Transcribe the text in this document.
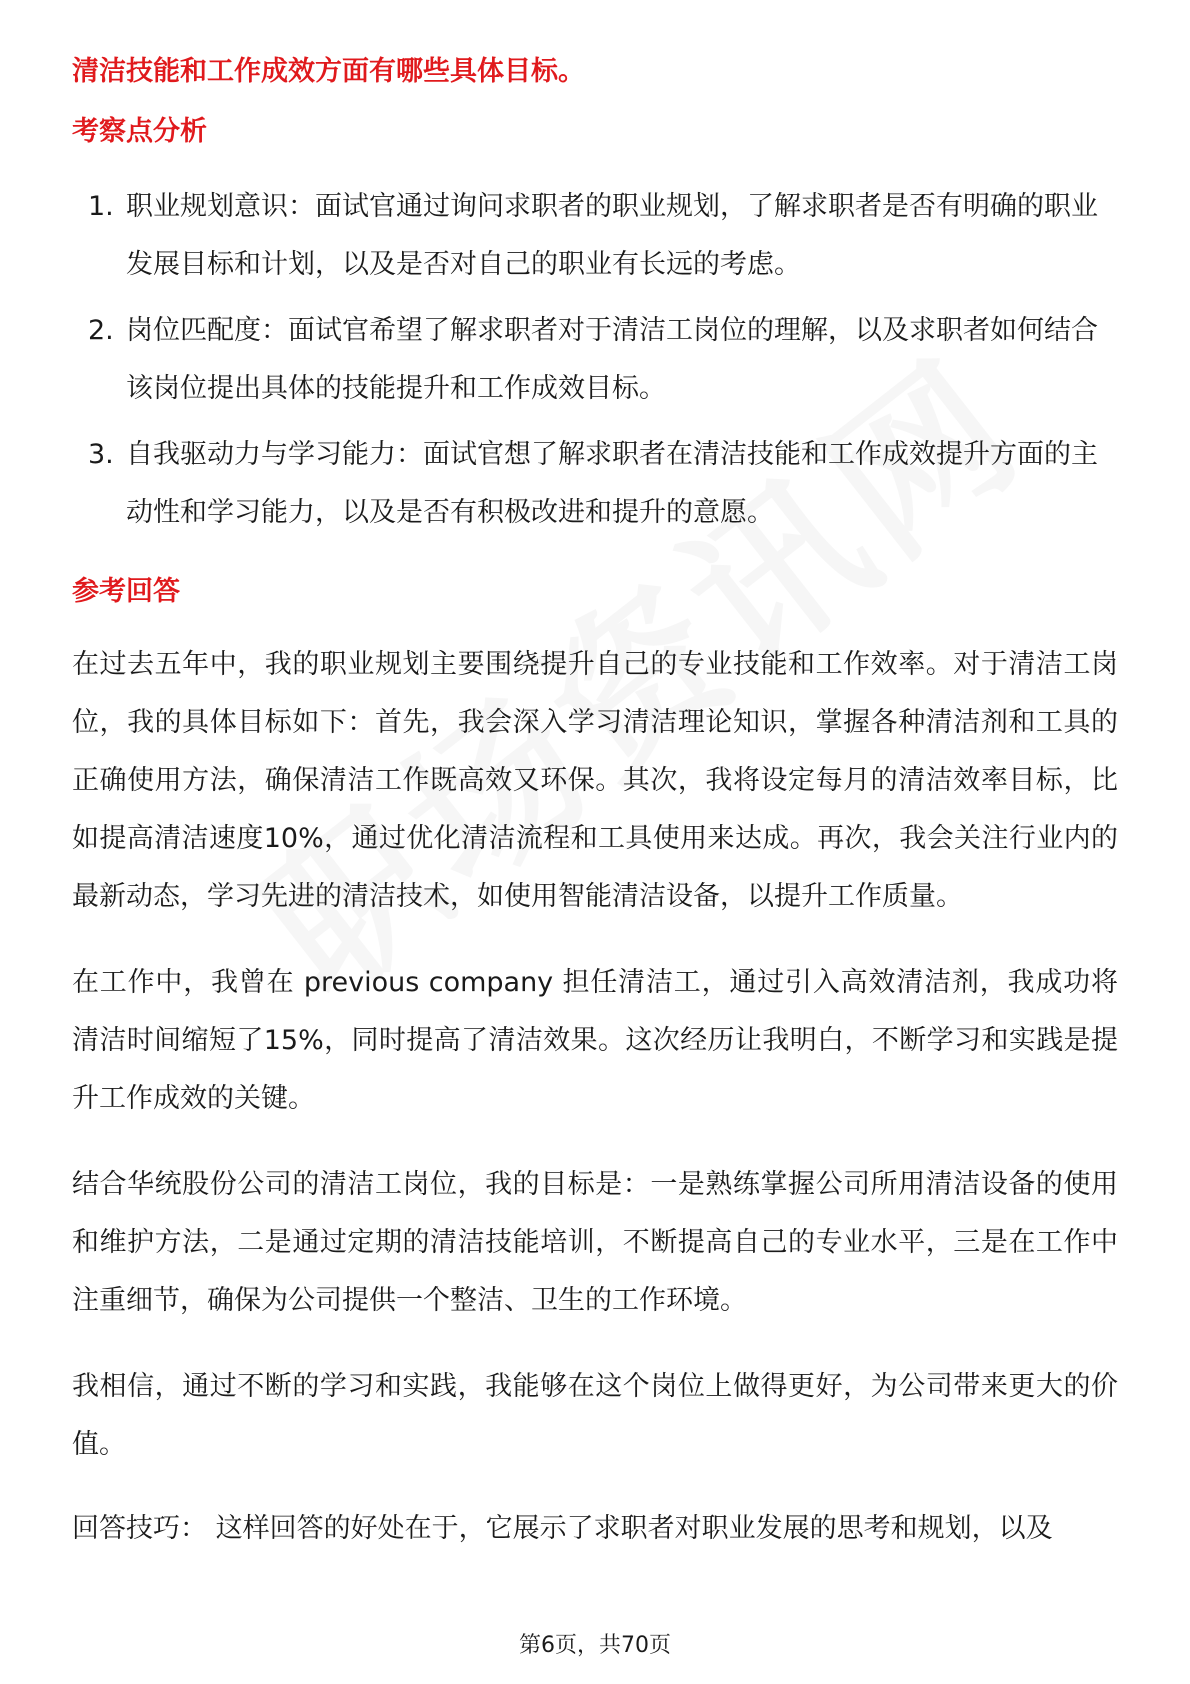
清洁技能和工作成效方面有哪些具体目标。
考察点分析
1. 职业规划意识：面试官通过询问求职者的职业规划，了解求职者是否有明确的职业发展目标和计划，以及是否对自己的职业有长远的考虑。
2. 岗位匹配度：面试官希望了解求职者对于清洁工岗位的理解，以及求职者如何结合该岗位提出具体的技能提升和工作成效目标。
3. 自我驱动力与学习能力：面试官想了解求职者在清洁技能和工作成效提升方面的主动性和学习能力，以及是否有积极改进和提升的意愿。
参考回答

在过去五年中，我的职业规划主要围绕提升自己的专业技能和工作效率。对于清洁工岗位，我的具体目标如下：首先，我会深入学习清洁理论知识，掌握各种清洁剂和工具的正确使用方法，确保清洁工作既高效又环保。其次，我将设定每月的清洁效率目标，比如提高清洁速度10%，通过优化清洁流程和工具使用来达成。再次，我会关注行业内的最新动态，学习先进的清洁技术，如使用智能清洁设备，以提升工作质量。

在工作中，我曾在 previous company 担任清洁工，通过引入高效清洁剂，我成功将清洁时间缩短了15%，同时提高了清洁效果。这次经历让我明白，不断学习和实践是提升工作成效的关键。

结合华统股份公司的清洁工岗位，我的目标是：一是熟练掌握公司所用清洁设备的使用和维护方法，二是通过定期的清洁技能培训，不断提高自己的专业水平，三是在工作中注重细节，确保为公司提供一个整洁、卫生的工作环境。

我相信，通过不断的学习和实践，我能够在这个岗位上做得更好，为公司带来更大的价值。

回答技巧： 这样回答的好处在于，它展示了求职者对职业发展的思考和规划，以及

第6页，共70页
